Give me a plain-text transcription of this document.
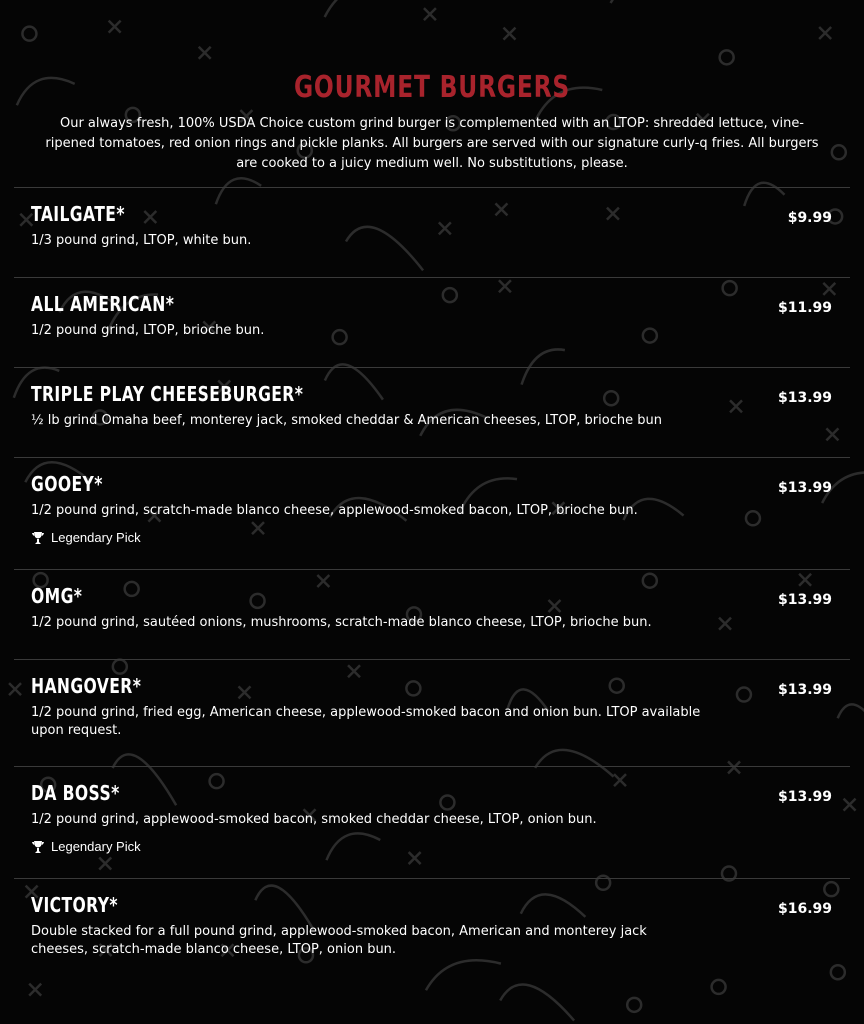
GOURMET BURGERS
Our always fresh, 100% USDA Choice custom grind burger is complemented with an LTOP: shredded lettuce, vine-ripened tomatoes, red onion rings and pickle planks. All burgers are served with our signature curly-q fries. All burgers are cooked to a juicy medium well. No substitutions, please.
TAILGATE*	$9.99
1/3 pound grind, LTOP, white bun.
ALL AMERICAN*	$11.99
1/2 pound grind, LTOP, brioche bun.
TRIPLE PLAY CHEESEBURGER*	$13.99
½ lb grind Omaha beef, monterey jack, smoked cheddar & American cheeses, LTOP, brioche bun
GOOEY*	$13.99
1/2 pound grind, scratch-made blanco cheese, applewood-smoked bacon, LTOP, brioche bun.
Legendary Pick
OMG*	$13.99
1/2 pound grind, sautéed onions, mushrooms, scratch-made blanco cheese, LTOP, brioche bun.
HANGOVER*	$13.99
1/2 pound grind, fried egg, American cheese, applewood-smoked bacon and onion bun. LTOP available upon request.
DA BOSS*	$13.99
1/2 pound grind, applewood-smoked bacon, smoked cheddar cheese, LTOP, onion bun.
Legendary Pick
VICTORY*	$16.99
Double stacked for a full pound grind, applewood-smoked bacon, American and monterey jack cheeses, scratch-made blanco cheese, LTOP, onion bun.
